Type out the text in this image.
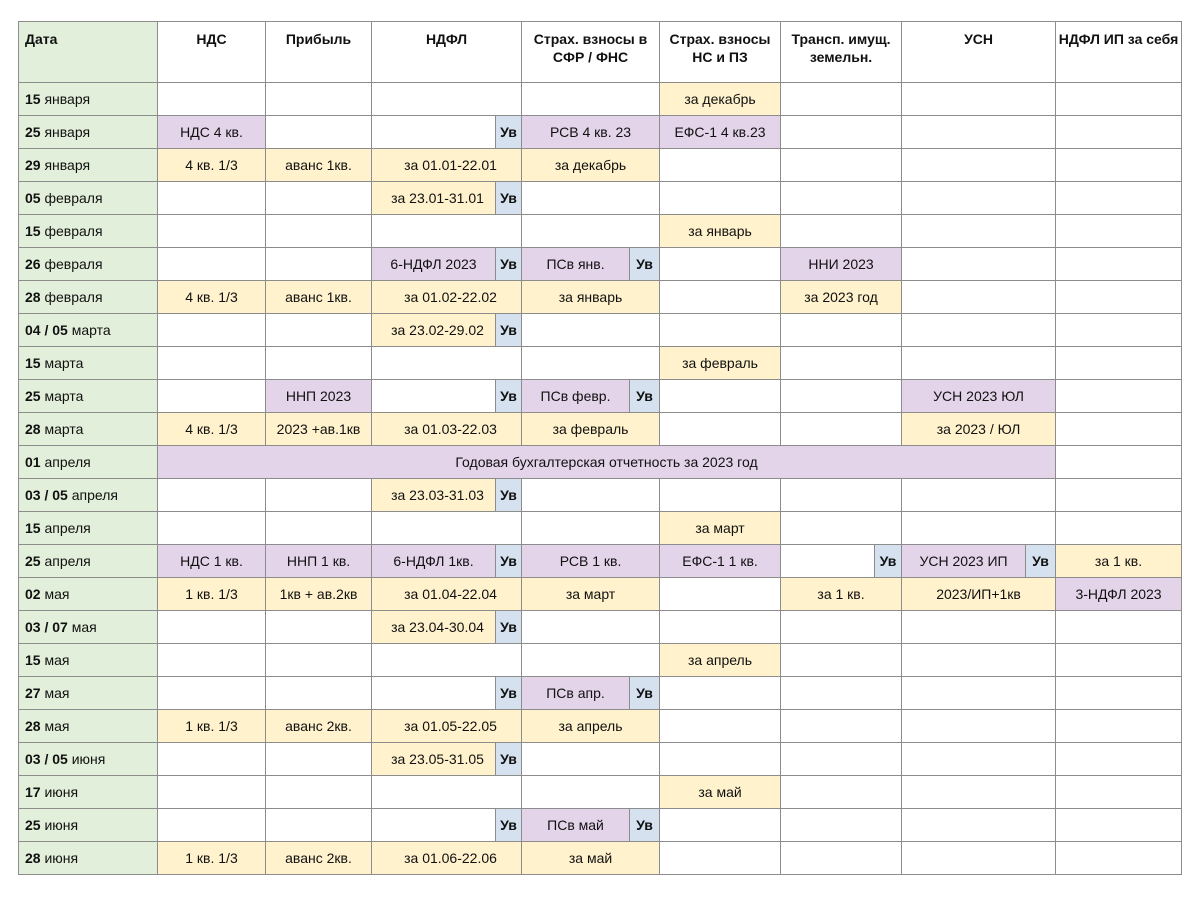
Дата	НДС	Прибыль	НДФЛ		Страх. взносы в СФР / ФНС		Страх. взносы НС и ПЗ	Трансп. имущ. земельн.		УСН		НДФЛ ИП за себя
15 января							за декабрь					
25 января	НДС 4 кв.			Ув	РСВ 4 кв. 23		ЕФС-1 4 кв.23					
29 января	4 кв. 1/3	аванс 1кв.	за 01.01-22.01		за декабрь							
05 февраля			за 23.01-31.01	Ув								
15 февраля							за январь					
26 февраля			6-НДФЛ 2023	Ув	ПСв янв.	Ув		ННИ 2023				
28 февраля	4 кв. 1/3	аванс 1кв.	за 01.02-22.02		за январь			за 2023 год				
04 / 05 марта			за 23.02-29.02	Ув								
15 марта							за февраль					
25 марта		ННП 2023		Ув	ПСв февр.	Ув				УСН 2023 ЮЛ		
28 марта	4 кв. 1/3	2023 +ав.1кв	за 01.03-22.03		за февраль					за 2023 / ЮЛ		
01 апреля	Годовая бухгалтерская отчетность за 2023 год											
03 / 05 апреля			за 23.03-31.03	Ув								
15 апреля							за март					
25 апреля	НДС 1 кв.	ННП 1 кв.	6-НДФЛ 1кв.	Ув	РСВ 1 кв.		ЕФС-1 1 кв.		Ув	УСН 2023 ИП	Ув	за 1 кв.
02 мая	1 кв. 1/3	1кв + ав.2кв	за 01.04-22.04		за март			за 1 кв.		2023/ИП+1кв		3-НДФЛ 2023
03 / 07 мая			за 23.04-30.04	Ув								
15 мая							за апрель					
27 мая				Ув	ПСв апр.	Ув						
28 мая	1 кв. 1/3	аванс 2кв.	за 01.05-22.05		за апрель							
03 / 05 июня			за 23.05-31.05	Ув								
17 июня							за май					
25 июня				Ув	ПСв май	Ув						
28 июня	1 кв. 1/3	аванс 2кв.	за 01.06-22.06		за май							
